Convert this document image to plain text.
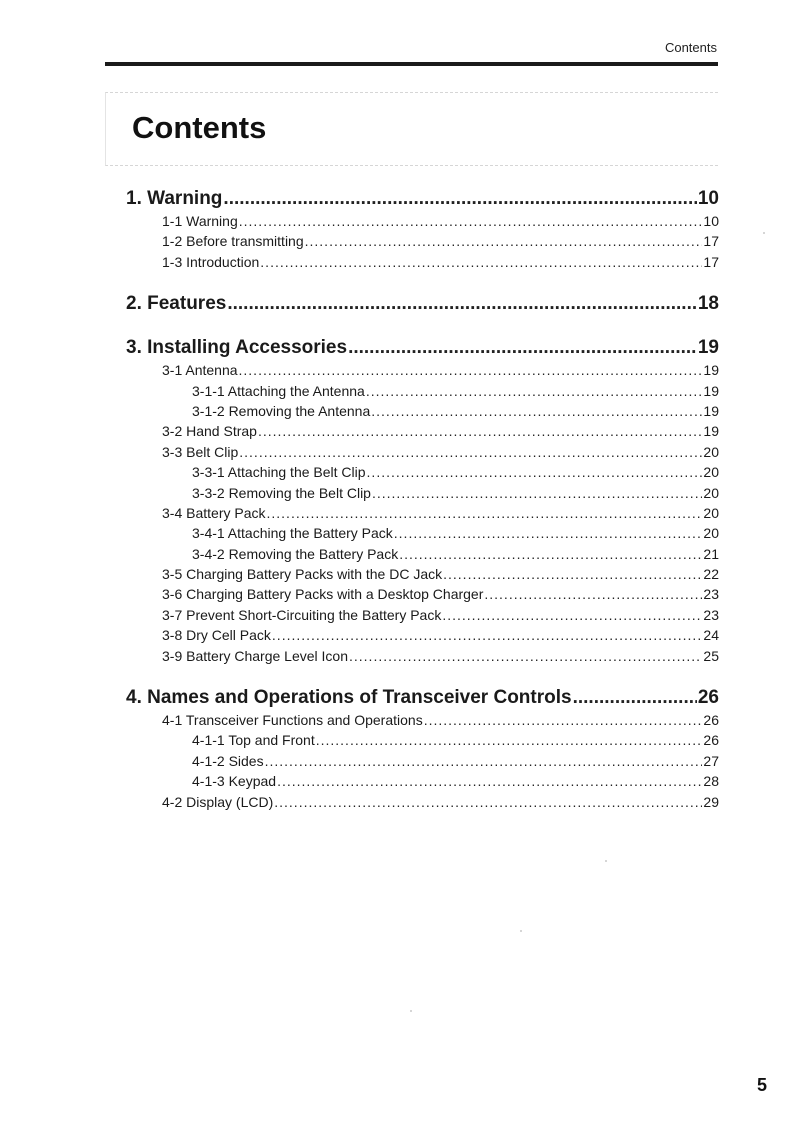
Contents
Contents
1. Warning .....	10
1-1 Warning .....	10
1-2 Before transmitting .....	17
1-3 Introduction .....	17
2. Features .....	18
3. Installing Accessories .....	19
3-1 Antenna .....	19
3-1-1 Attaching the Antenna .....	19
3-1-2 Removing the Antenna .....	19
3-2 Hand Strap .....	19
3-3 Belt Clip .....	20
3-3-1 Attaching the Belt Clip .....	20
3-3-2 Removing the Belt Clip .....	20
3-4 Battery Pack .....	20
3-4-1 Attaching the Battery Pack .....	20
3-4-2 Removing the Battery Pack .....	21
3-5 Charging Battery Packs with the DC Jack .....	22
3-6 Charging Battery Packs with a Desktop Charger .....	23
3-7 Prevent Short-Circuiting the Battery Pack .....	23
3-8 Dry Cell Pack .....	24
3-9 Battery Charge Level Icon .....	25
4. Names and Operations of Transceiver Controls .....	26
4-1 Transceiver Functions and Operations .....	26
4-1-1 Top and Front .....	26
4-1-2 Sides .....	27
4-1-3 Keypad .....	28
4-2 Display (LCD) .....	29
5
